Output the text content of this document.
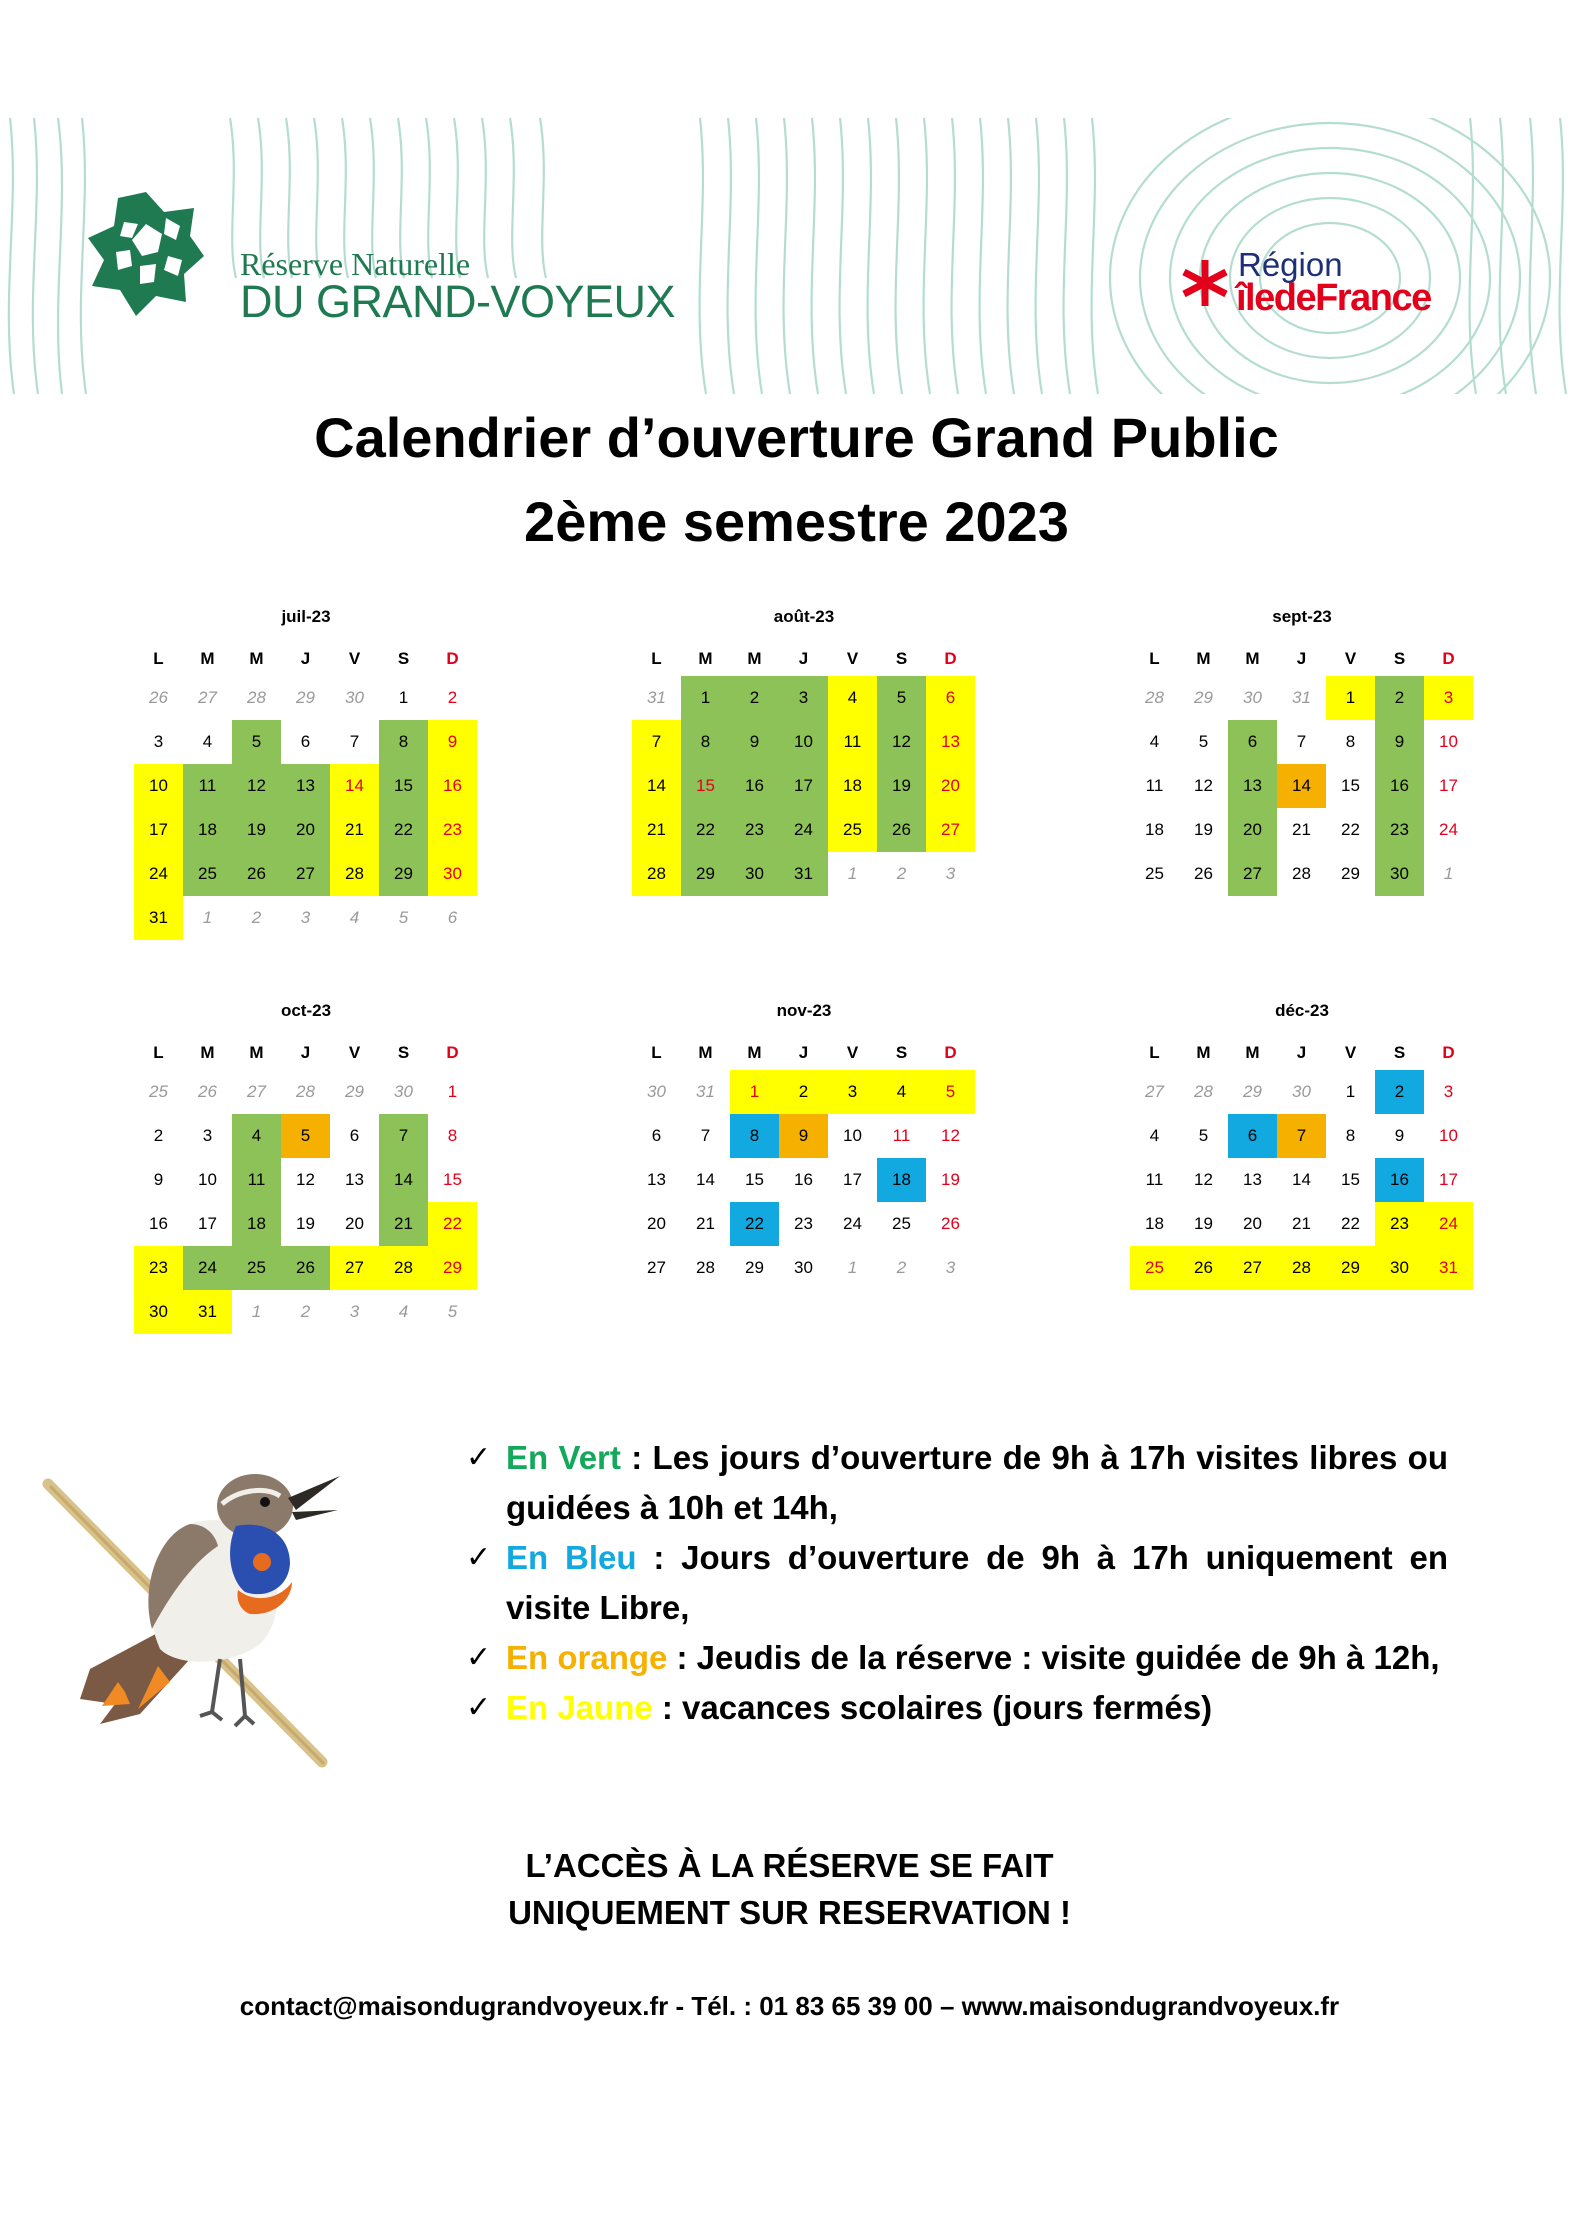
Réserve Naturelle
DU GRAND-VOYEUX
Région
îledeFrance
Calendrier d’ouverture Grand Public
2ème semestre 2023
juil-23
L	M	M	J	V	S	D
26	27	28	29	30	1	2
3	4	5	6	7	8	9
10	11	12	13	14	15	16
17	18	19	20	21	22	23
24	25	26	27	28	29	30
31	1	2	3	4	5	6
août-23
L	M	M	J	V	S	D
31	1	2	3	4	5	6
7	8	9	10	11	12	13
14	15	16	17	18	19	20
21	22	23	24	25	26	27
28	29	30	31	1	2	3
sept-23
L	M	M	J	V	S	D
28	29	30	31	1	2	3
4	5	6	7	8	9	10
11	12	13	14	15	16	17
18	19	20	21	22	23	24
25	26	27	28	29	30	1
oct-23
L	M	M	J	V	S	D
25	26	27	28	29	30	1
2	3	4	5	6	7	8
9	10	11	12	13	14	15
16	17	18	19	20	21	22
23	24	25	26	27	28	29
30	31	1	2	3	4	5
nov-23
L	M	M	J	V	S	D
30	31	1	2	3	4	5
6	7	8	9	10	11	12
13	14	15	16	17	18	19
20	21	22	23	24	25	26
27	28	29	30	1	2	3
déc-23
L	M	M	J	V	S	D
27	28	29	30	1	2	3
4	5	6	7	8	9	10
11	12	13	14	15	16	17
18	19	20	21	22	23	24
25	26	27	28	29	30	31
✓ En Vert : Les jours d’ouverture de 9h à 17h visites libres ou guidées à 10h et 14h,
✓ En Bleu : Jours d’ouverture de 9h à 17h uniquement en visite Libre,
✓ En orange : Jeudis de la réserve : visite guidée de 9h à 12h,
✓ En Jaune : vacances scolaires (jours fermés)
L’ACCÈS À LA RÉSERVE SE FAIT
UNIQUEMENT SUR RESERVATION !
contact@maisondugrandvoyeux.fr - Tél. : 01 83 65 39 00 – www.maisondugrandvoyeux.fr
